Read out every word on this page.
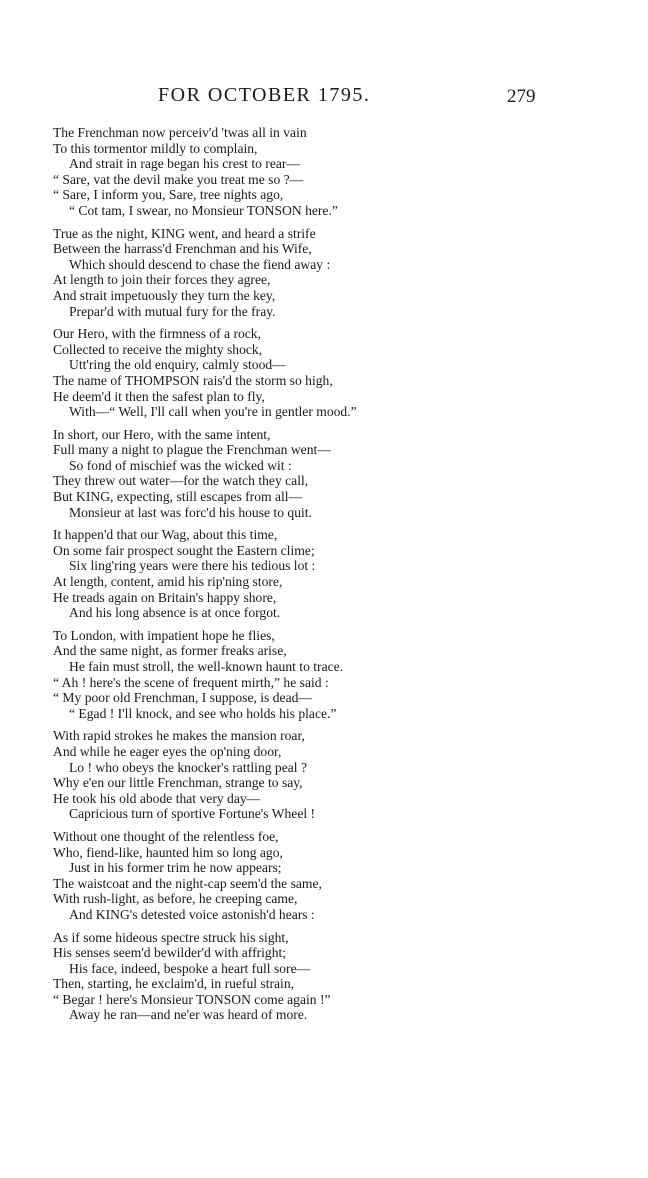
FOR OCTOBER 1795.	279
The Frenchman now perceiv'd 'twas all in vain
To this tormentor mildly to complain,
And strait in rage began his crest to rear—
“ Sare, vat the devil make you treat me so ?—
“ Sare, I inform you, Sare, tree nights ago,
“ Cot tam, I swear, no Monsieur TONSON here.”
True as the night, KING went, and heard a strife
Between the harrass'd Frenchman and his Wife,
Which should descend to chase the fiend away :
At length to join their forces they agree,
And strait impetuously they turn the key,
Prepar'd with mutual fury for the fray.
Our Hero, with the firmness of a rock,
Collected to receive the mighty shock,
Utt'ring the old enquiry, calmly stood—
The name of THOMPSON rais'd the storm so high,
He deem'd it then the safest plan to fly,
With—“ Well, I'll call when you're in gentler mood.”
In short, our Hero, with the same intent,
Full many a night to plague the Frenchman went—
So fond of mischief was the wicked wit :
They threw out water—for the watch they call,
But KING, expecting, still escapes from all—
Monsieur at last was forc'd his house to quit.
It happen'd that our Wag, about this time,
On some fair prospect sought the Eastern clime;
Six ling'ring years were there his tedious lot :
At length, content, amid his rip'ning store,
He treads again on Britain's happy shore,
And his long absence is at once forgot.
To London, with impatient hope he flies,
And the same night, as former freaks arise,
He fain must stroll, the well-known haunt to trace.
“ Ah ! here's the scene of frequent mirth,” he said :
“ My poor old Frenchman, I suppose, is dead—
“ Egad ! I'll knock, and see who holds his place.”
With rapid strokes he makes the mansion roar,
And while he eager eyes the op'ning door,
Lo ! who obeys the knocker's rattling peal ?
Why e'en our little Frenchman, strange to say,
He took his old abode that very day—
Capricious turn of sportive Fortune's Wheel !
Without one thought of the relentless foe,
Who, fiend-like, haunted him so long ago,
Just in his former trim he now appears;
The waistcoat and the night-cap seem'd the same,
With rush-light, as before, he creeping came,
And KING's detested voice astonish'd hears :
As if some hideous spectre struck his sight,
His senses seem'd bewilder'd with affright;
His face, indeed, bespoke a heart full sore—
Then, starting, he exclaim'd, in rueful strain,
“ Begar ! here's Monsieur TONSON come again !”
Away he ran—and ne'er was heard of more.
